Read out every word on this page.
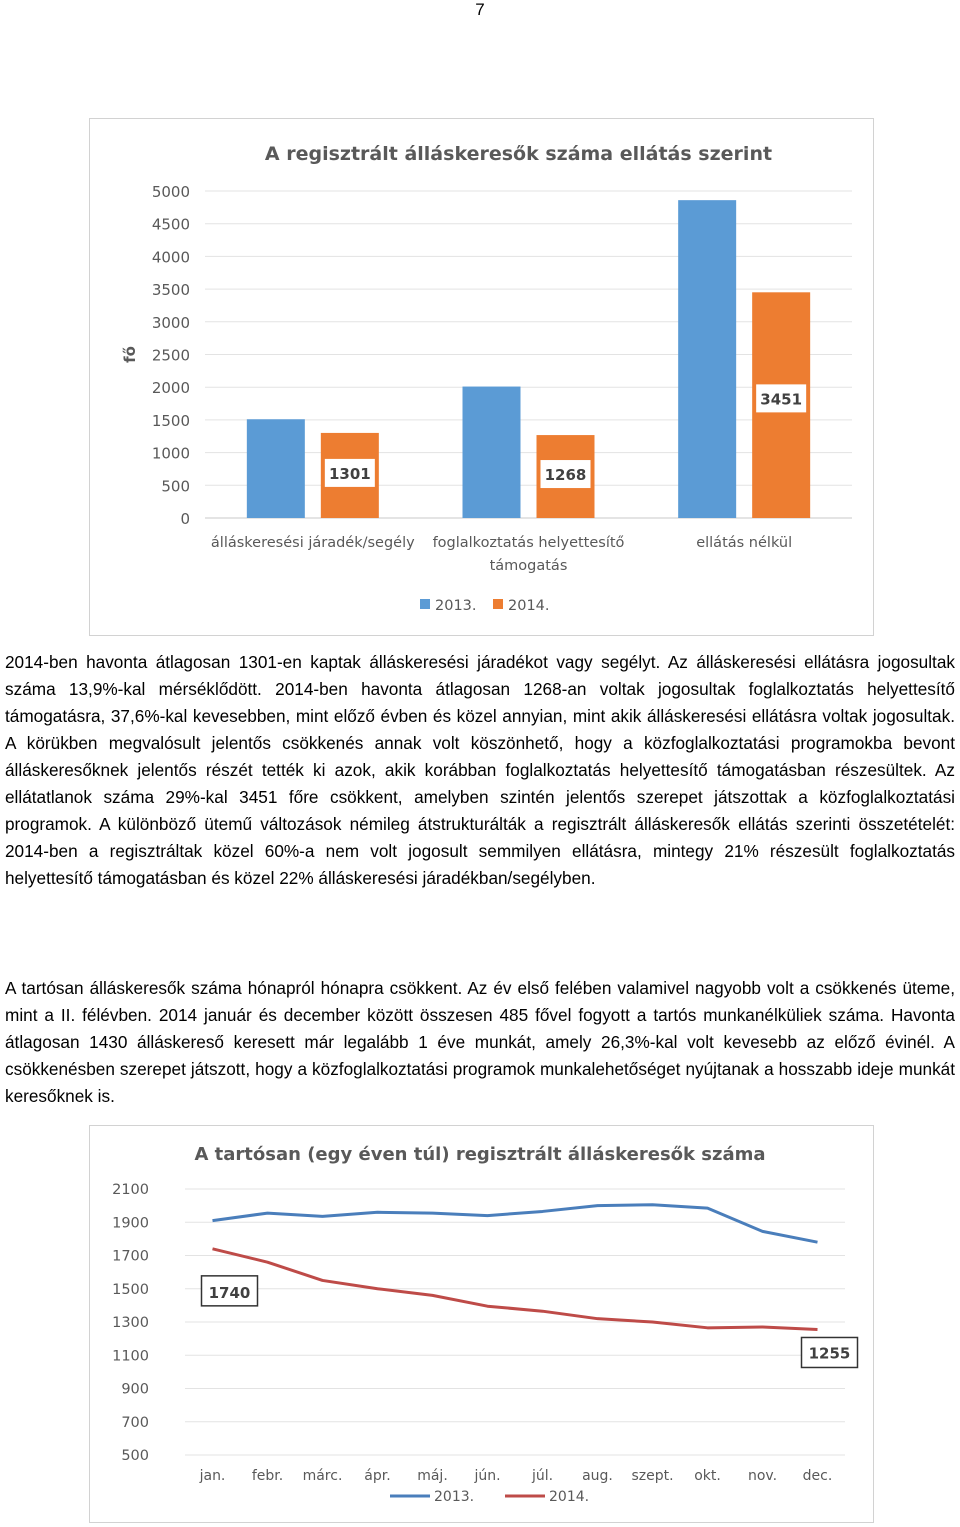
7
A regisztrált álláskeresők száma ellátás szerint
fő
0
500
1000
1500
2000
2500
3000
3500
4000
4500
5000
1301	1268
3451
álláskeresési járadék/segély foglalkoztatás helyettesítő támogatás
ellátás nélkül
2013. 2014.

2014-ben havonta átlagosan 1301-en kaptak álláskeresési járadékot vagy segélyt. Az álláskeresési ellátásra jogosultak száma 13,9%-kal mérséklődött. 2014-ben havonta átlagosan 1268-an voltak jogosultak foglalkoztatás helyettesítő támogatásra, 37,6%-kal kevesebben, mint előző évben és közel annyian, mint akik álláskeresési ellátásra voltak jogosultak. A körükben megvalósult jelentős csökkenés annak volt köszönhető, hogy a közfoglalkoztatási programokba bevont álláskeresőknek jelentős részét tették ki azok, akik korábban foglalkoztatás helyettesítő támogatásban részesültek. Az ellátatlanok száma 29%-kal 3451 főre csökkent, amelyben szintén jelentős szerepet játszottak a közfoglalkoztatási programok. A különböző ütemű változások némileg átstrukturálták a regisztrált álláskeresők ellátás szerinti összetételét: 2014-ben a regisztráltak közel 60%-a nem volt jogosult semmilyen ellátásra, mintegy 21% részesült foglalkoztatás helyettesítő támogatásban és közel 22% álláskeresési járadékban/segélyben.

A tartósan álláskeresők száma hónapról hónapra csökkent. Az év első felében valamivel nagyobb volt a csökkenés üteme, mint a II. félévben. 2014 január és december között összesen 485 fővel fogyott a tartós munkanélküliek száma. Havonta átlagosan 1430 álláskereső keresett már legalább 1 éve munkát, amely 26,3%-kal volt kevesebb az előző évinél. A csökkenésben szerepet játszott, hogy a közfoglalkoztatási programok munkalehetőséget nyújtanak a hosszabb ideje munkát keresőknek is.

A tartósan (egy éven túl) regisztrált álláskeresők száma
500
700
900
1100
1300
1500
1700
1900
2100
jan. febr. márc. ápr. máj. jún. júl. aug. szept. okt. nov. dec.
1740
1255
2013.	2014.
